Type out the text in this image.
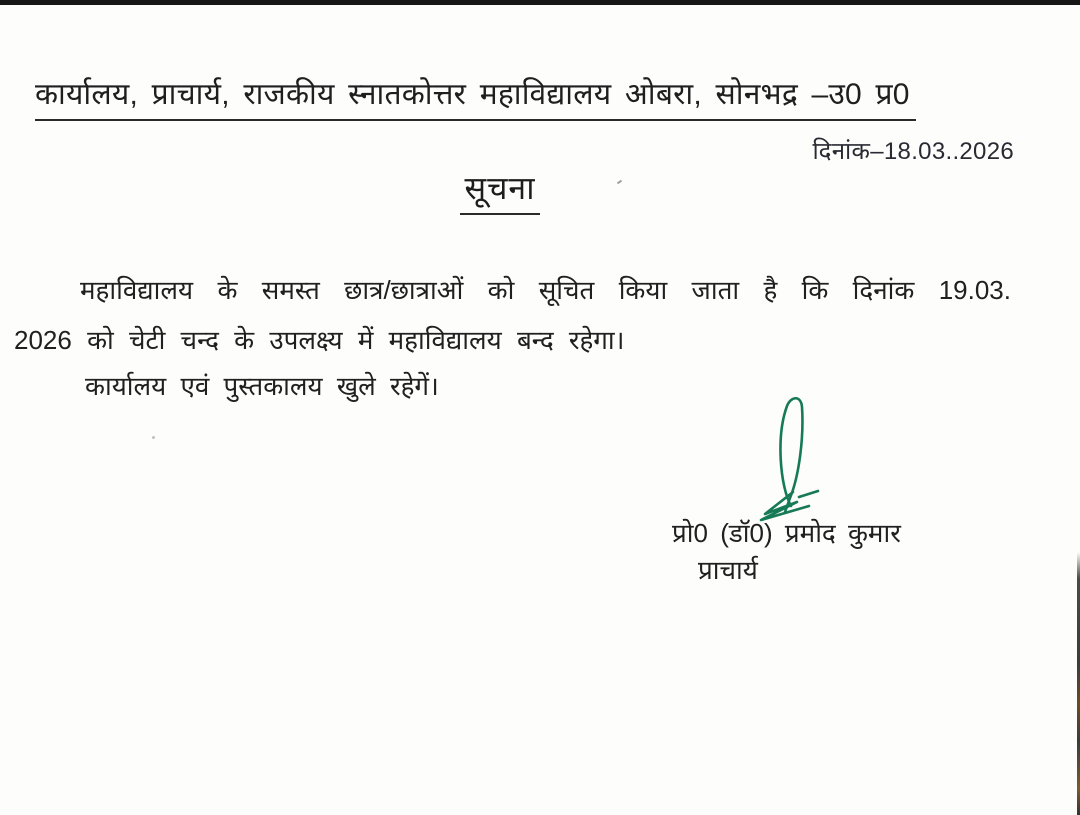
कार्यालय, प्राचार्य, राजकीय स्नातकोत्तर महाविद्यालय ओबरा, सोनभद्र –उ0 प्र0
दिनांक–18.03..2026
सूचना
महाविद्यालय के समस्त छात्र/छात्राओं को सूचित किया जाता है कि दिनांक 19.03.
2026 को चेटी चन्द के उपलक्ष्य में महाविद्यालय बन्द रहेगा।
कार्यालय एवं पुस्तकालय खुले रहेगें।
प्रो0 (डॉ0) प्रमोद कुमार
प्राचार्य
